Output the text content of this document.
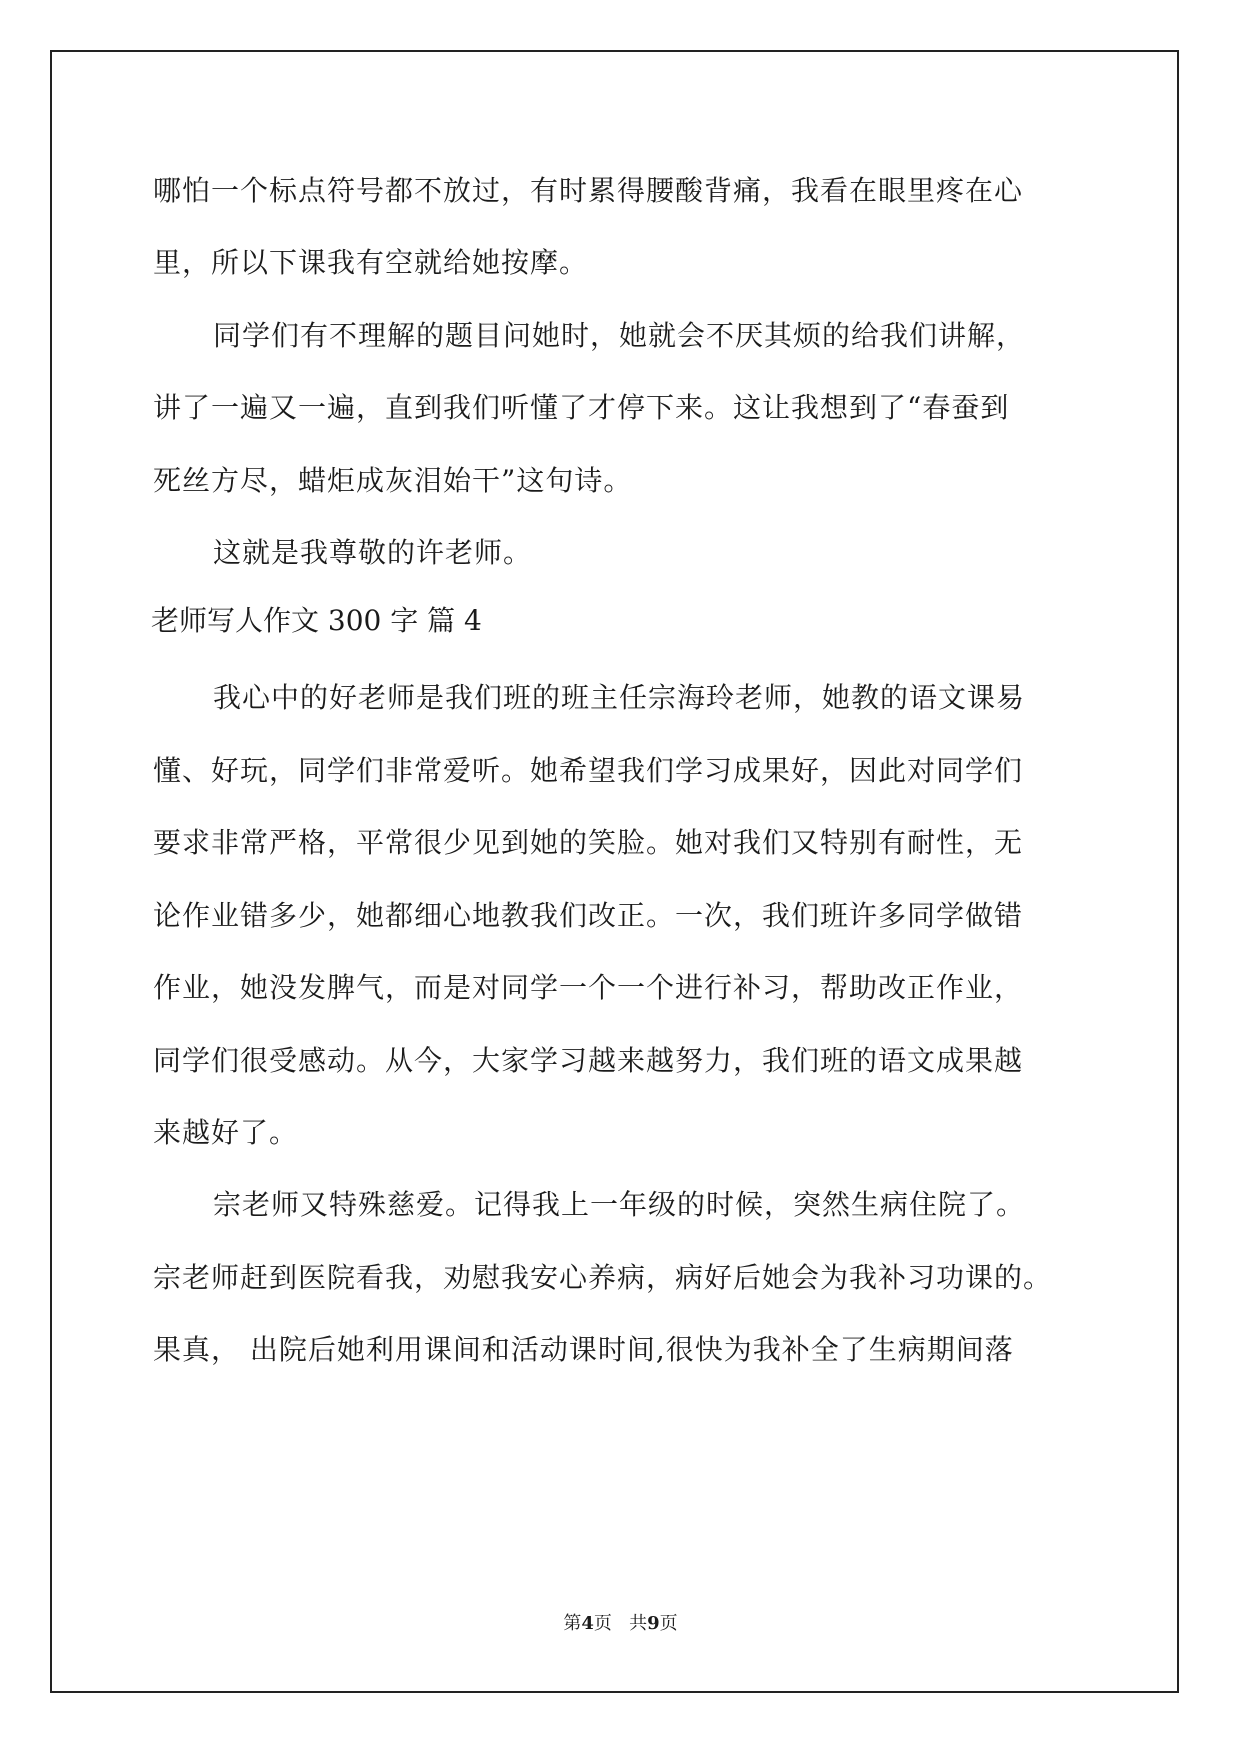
哪怕一个标点符号都不放过，有时累得腰酸背痛，我看在眼里疼在心
里，所以下课我有空就给她按摩。
同学们有不理解的题目问她时，她就会不厌其烦的给我们讲解，
讲了一遍又一遍，直到我们听懂了才停下来。这让我想到了“春蚕到
死丝方尽，蜡炬成灰泪始干”这句诗。
这就是我尊敬的许老师。
老师写人作文 300 字 篇 4
我心中的好老师是我们班的班主任宗海玲老师，她教的语文课易
懂、好玩，同学们非常爱听。她希望我们学习成果好，因此对同学们
要求非常严格，平常很少见到她的笑脸。她对我们又特别有耐性，无
论作业错多少，她都细心地教我们改正。一次，我们班许多同学做错
作业，她没发脾气，而是对同学一个一个进行补习，帮助改正作业，
同学们很受感动。从今，大家学习越来越努力，我们班的语文成果越
来越好了。
宗老师又特殊慈爱。记得我上一年级的时候，突然生病住院了。
宗老师赶到医院看我，劝慰我安心养病，病好后她会为我补习功课的。
果真， 出院后她利用课间和活动课时间,很快为我补全了生病期间落
第4页 共9页
